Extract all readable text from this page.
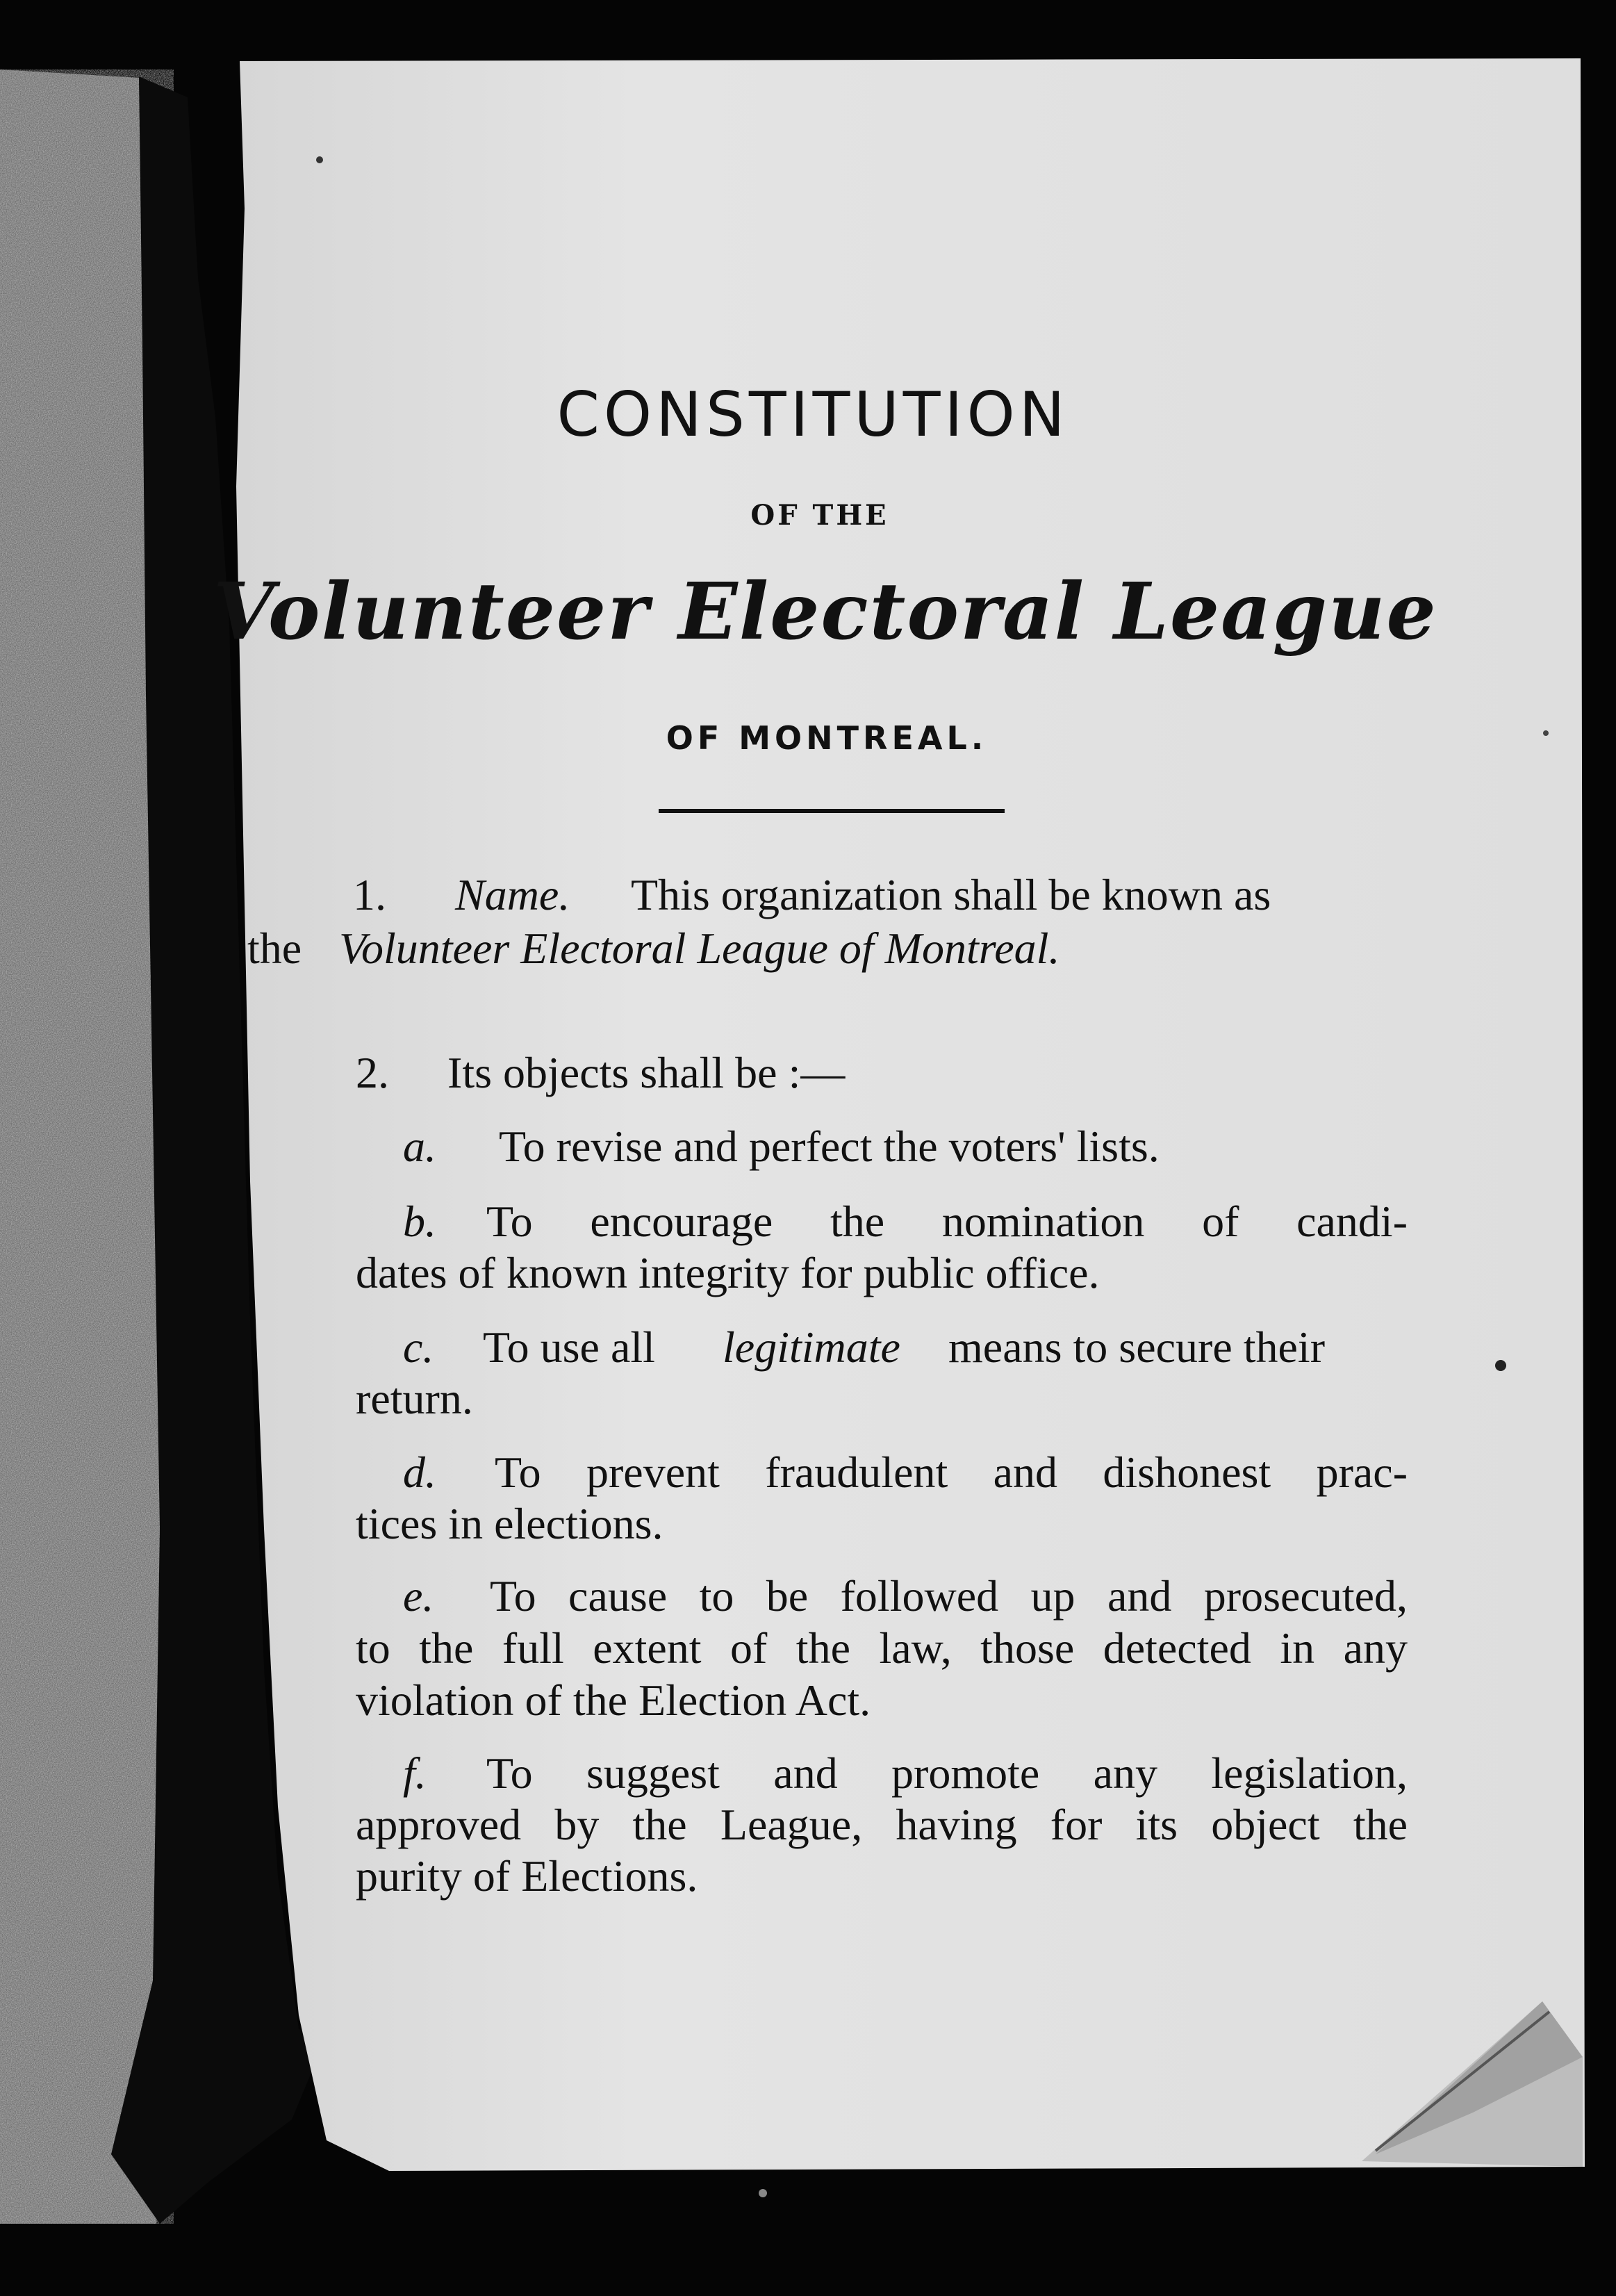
CONSTITUTION
OF THE
Volunteer Electoral League
OF MONTREAL.
1. Name. This organization shall be known as
the Volunteer Electoral League of Montreal.
2. Its objects shall be :—
a. To revise and perfect the voters' lists.
b. To encourage the nomination of candi-
dates of known integrity for public office.
c. To use all legitimate means to secure their
return.
d. To prevent fraudulent and dishonest prac-
tices in elections.
e. To cause to be followed up and prosecuted,
to the full extent of the law, those detected in any
violation of the Election Act.
f. To suggest and promote any legislation,
approved by the League, having for its object the
purity of Elections.
